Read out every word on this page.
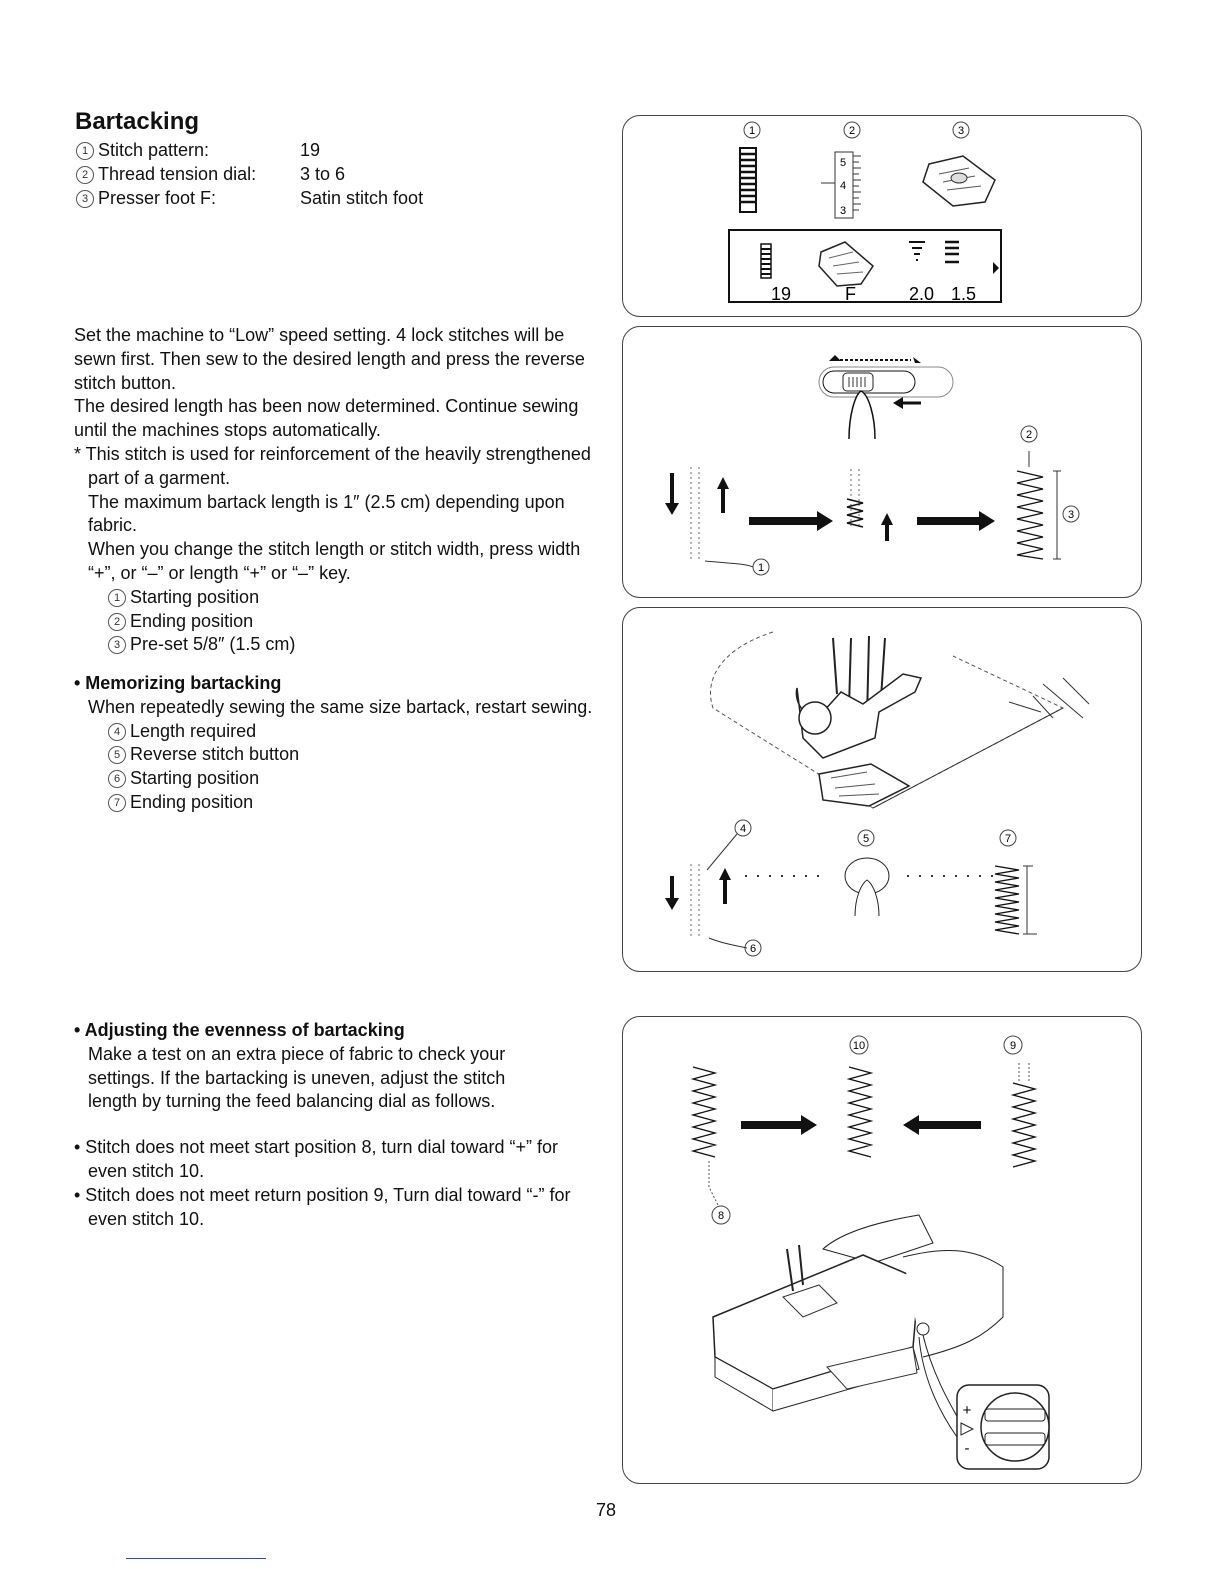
Bartacking
1 Stitch pattern:	19
2 Thread tension dial:	3 to 6
3 Presser foot F:	Satin stitch foot
Set the machine to “Low” speed setting. 4 lock stitches will be sewn first. Then sew to the desired length and press the reverse stitch button.
The desired length has been now determined. Continue sewing until the machines stops automatically.
* This stitch is used for reinforcement of the heavily strengthened part of a garment.
The maximum bartack length is 1″ (2.5 cm) depending upon fabric.
When you change the stitch length or stitch width, press width “+”, or “–” or length “+” or “–” key.
1 Starting position
2 Ending position
3 Pre-set 5/8″ (1.5 cm)
• Memorizing bartacking
When repeatedly sewing the same size bartack, restart sewing.
4 Length required
5 Reverse stitch button
6 Starting position
7 Ending position
• Adjusting the evenness of bartacking
Make a test on an extra piece of fabric to check your settings. If the bartacking is uneven, adjust the stitch length by turning the feed balancing dial as follows.
• Stitch does not meet start position 8, turn dial toward “+” for even stitch 10.
• Stitch does not meet return position 9, Turn dial toward “-” for even stitch 10.
1	2	3
5
4
3
19	F	2.0 1.5
2
3
1
4
5	7
6
10	9
8
+
-
78
